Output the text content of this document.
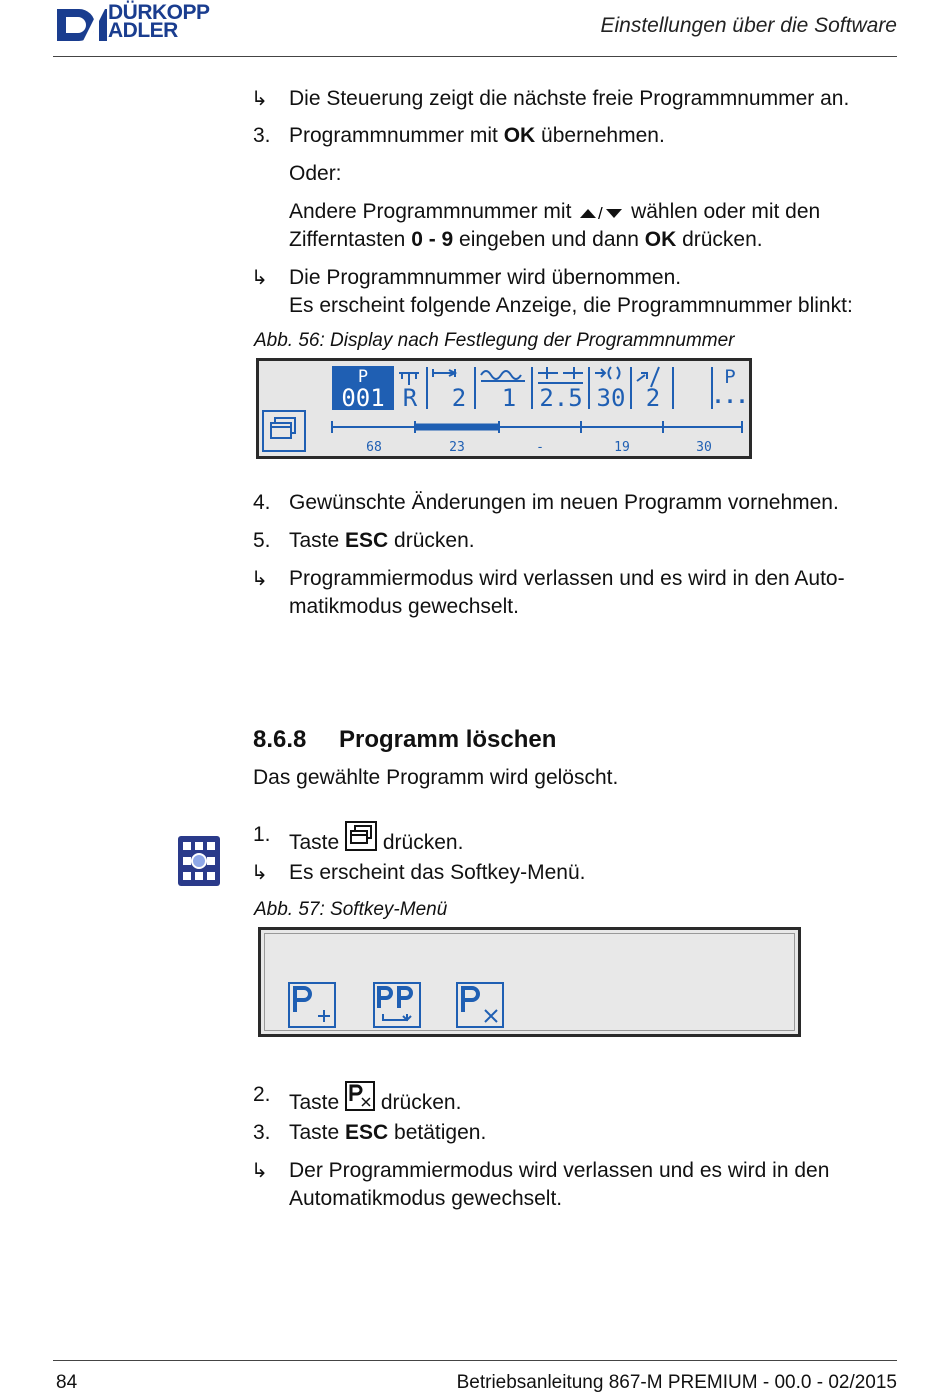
DÜRKOPP
ADLER	Einstellungen über die Software
↳ Die Steuerung zeigt die nächste freie Programmnummer an.
3. Programmnummer mit OK übernehmen.
Oder:
Andere Programmnummer mit / wählen oder mit den
Zifferntasten 0 - 9 eingeben und dann OK drücken.
↳ Die Programmnummer wird übernommen.
Es erscheint folgende Anzeige, die Programmnummer blinkt:
Abb. 56: Display nach Festlegung der Programmnummer
P
001 R 2 1 2.5 30 2
P
...
68	23	-	19	30
4. Gewünschte Änderungen im neuen Programm vornehmen.
5. Taste ESC drücken.
↳ Programmiermodus wird verlassen und es wird in den Auto-
matikmodus gewechselt.
8.6.8 Programm löschen
Das gewählte Programm wird gelöscht.
1. Taste  drücken.
↳ Es erscheint das Softkey-Menü.
Abb. 57: Softkey-Menü
2. Taste  drücken.
3. Taste ESC betätigen.
↳ Der Programmiermodus wird verlassen und es wird in den
Automatikmodus gewechselt.
84	Betriebsanleitung 867-M PREMIUM - 00.0 - 02/2015
